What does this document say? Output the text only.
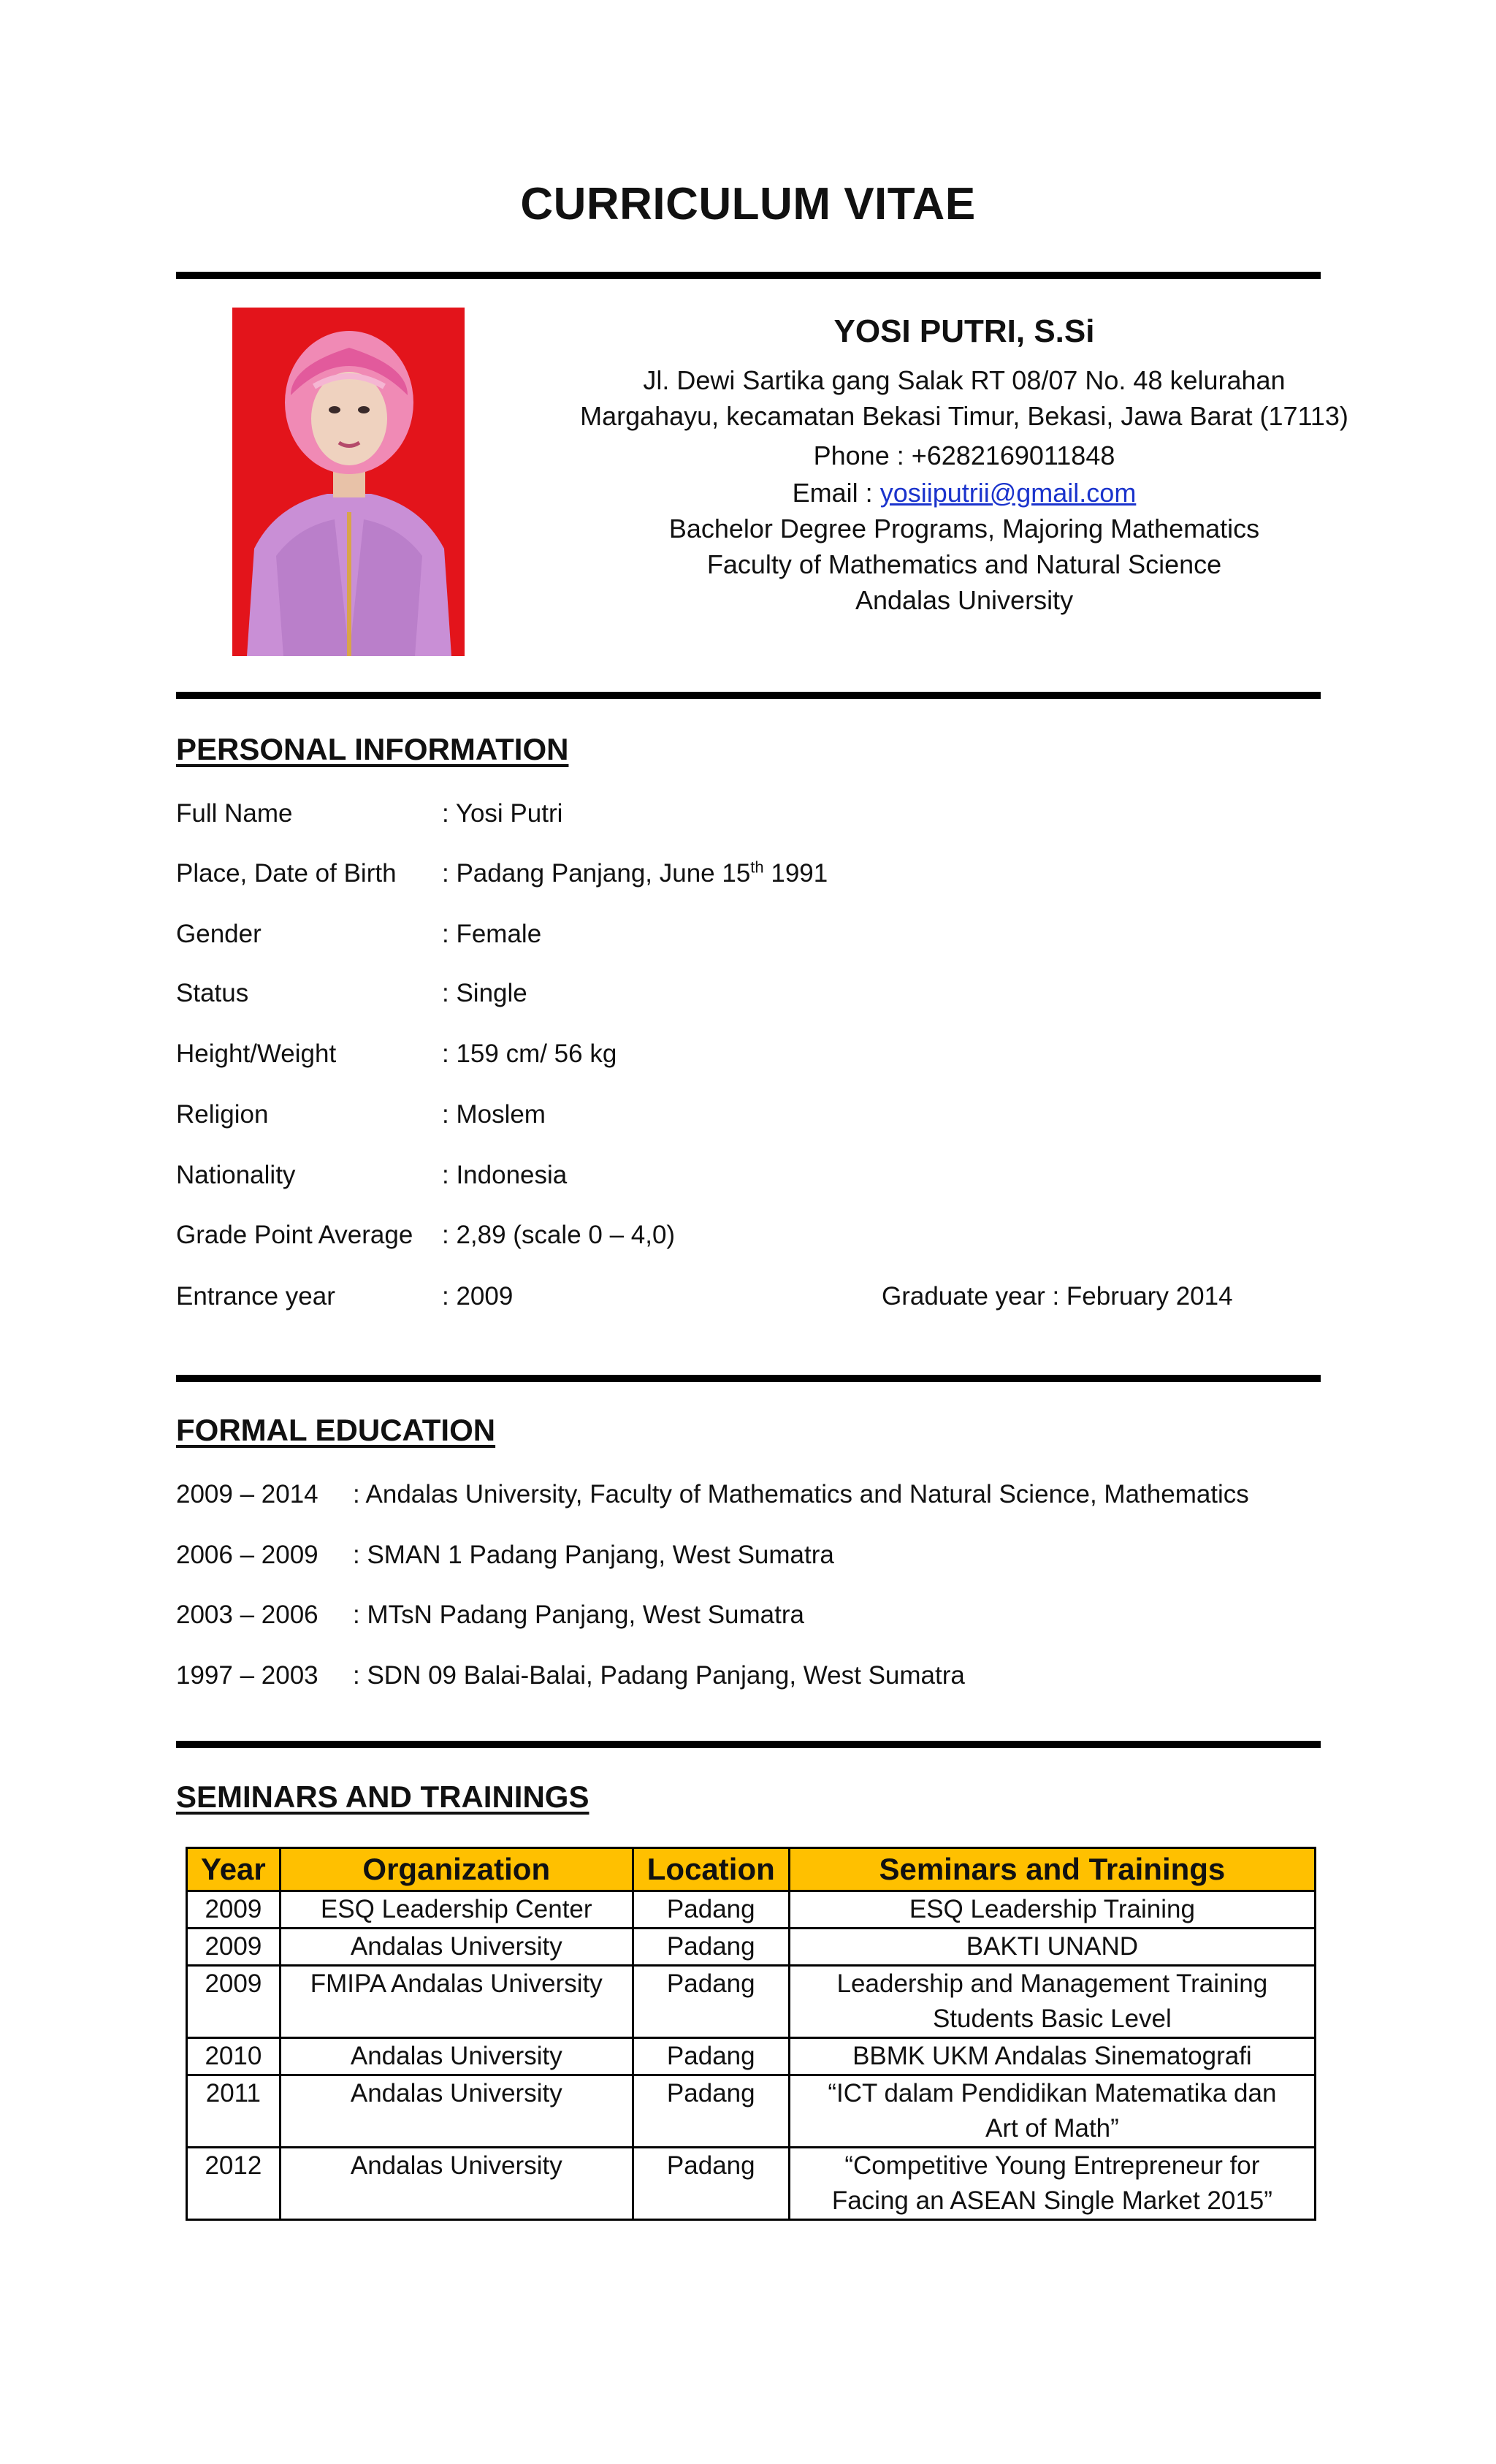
CURRICULUM VITAE
YOSI PUTRI, S.Si
Jl. Dewi Sartika gang Salak RT 08/07 No. 48 kelurahan
Margahayu, kecamatan Bekasi Timur, Bekasi, Jawa Barat (17113)
Phone : +6282169011848
Email : yosiiputrii@gmail.com
Bachelor Degree Programs, Majoring Mathematics
Faculty of Mathematics and Natural Science
Andalas University
PERSONAL INFORMATION
Full Name	: Yosi Putri
Place, Date of Birth	: Padang Panjang, June 15th 1991
Gender	: Female
Status	: Single
Height/Weight	: 159 cm/ 56 kg
Religion	: Moslem
Nationality	: Indonesia
Grade Point Average	: 2,89 (scale 0 – 4,0)
Entrance year	: 2009	Graduate year : February 2014
FORMAL EDUCATION
2009 – 2014 : Andalas University, Faculty of Mathematics and Natural Science, Mathematics
2006 – 2009 : SMAN 1 Padang Panjang, West Sumatra
2003 – 2006 : MTsN Padang Panjang, West Sumatra
1997 – 2003 : SDN 09 Balai-Balai, Padang Panjang, West Sumatra
SEMINARS AND TRAININGS
Year	Organization	Location	Seminars and Trainings
2009	ESQ Leadership Center	Padang	ESQ Leadership Training

2009	Andalas University	Padang	BAKTI UNAND

2009	FMIPA Andalas University	Padang	Leadership and Management Training
Students Basic Level

2010	Andalas University	Padang	BBMK UKM Andalas Sinematografi

2011	Andalas University	Padang	“ICT dalam Pendidikan Matematika dan
Art of Math”

2012	Andalas University	Padang	“Competitive Young Entrepreneur for
Facing an ASEAN Single Market 2015”
